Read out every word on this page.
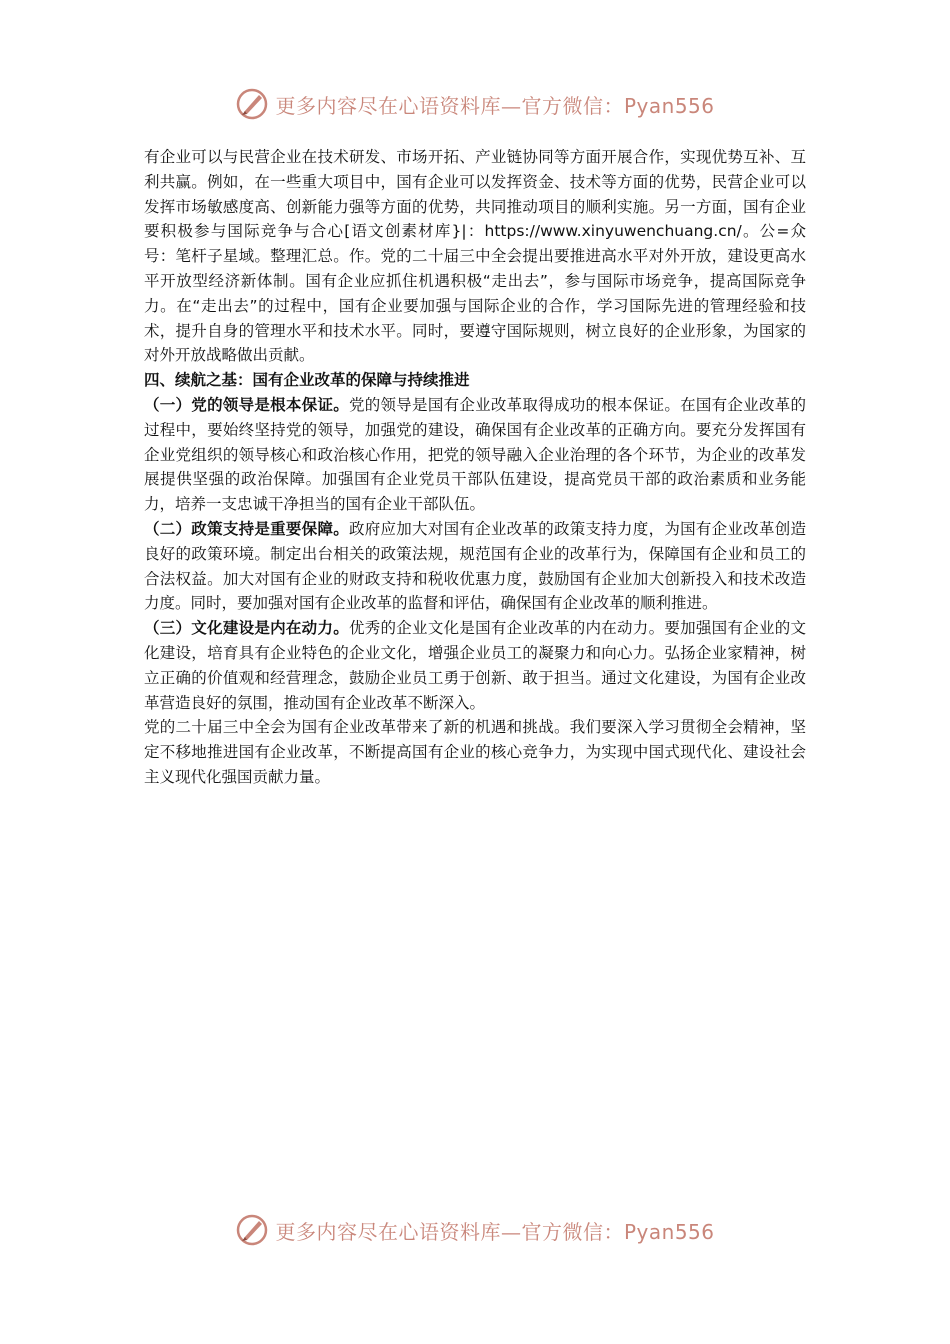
更多内容尽在心语资料库—官方微信：Pyan556

有企业可以与民营企业在技术研发、市场开拓、产业链协同等方面开展合作，实现优势互补、互利共赢。例如，在一些重大项目中，国有企业可以发挥资金、技术等方面的优势，民营企业可以发挥市场敏感度高、创新能力强等方面的优势，共同推动项目的顺利实施。另一方面，国有企业要积极参与国际竞争与合心[语文创素材库}|：https://www.xinyuwenchuang.cn/。公=众号：笔杆子星域。整理汇总。作。党的二十届三中全会提出要推进高水平对外开放，建设更高水平开放型经济新体制。国有企业应抓住机遇积极“走出去”，参与国际市场竞争，提高国际竞争力。在“走出去”的过程中，国有企业要加强与国际企业的合作，学习国际先进的管理经验和技术，提升自身的管理水平和技术水平。同时，要遵守国际规则，树立良好的企业形象，为国家的对外开放战略做出贡献。

四、续航之基：国有企业改革的保障与持续推进

（一）党的领导是根本保证。党的领导是国有企业改革取得成功的根本保证。在国有企业改革的过程中，要始终坚持党的领导，加强党的建设，确保国有企业改革的正确方向。要充分发挥国有企业党组织的领导核心和政治核心作用，把党的领导融入企业治理的各个环节，为企业的改革发展提供坚强的政治保障。加强国有企业党员干部队伍建设，提高党员干部的政治素质和业务能力，培养一支忠诚干净担当的国有企业干部队伍。

（二）政策支持是重要保障。政府应加大对国有企业改革的政策支持力度，为国有企业改革创造良好的政策环境。制定出台相关的政策法规，规范国有企业的改革行为，保障国有企业和员工的合法权益。加大对国有企业的财政支持和税收优惠力度，鼓励国有企业加大创新投入和技术改造力度。同时，要加强对国有企业改革的监督和评估，确保国有企业改革的顺利推进。

（三）文化建设是内在动力。优秀的企业文化是国有企业改革的内在动力。要加强国有企业的文化建设，培育具有企业特色的企业文化，增强企业员工的凝聚力和向心力。弘扬企业家精神，树立正确的价值观和经营理念，鼓励企业员工勇于创新、敢于担当。通过文化建设，为国有企业改革营造良好的氛围，推动国有企业改革不断深入。

党的二十届三中全会为国有企业改革带来了新的机遇和挑战。我们要深入学习贯彻全会精神，坚定不移地推进国有企业改革，不断提高国有企业的核心竞争力，为实现中国式现代化、建设社会主义现代化强国贡献力量。

更多内容尽在心语资料库—官方微信：Pyan556
